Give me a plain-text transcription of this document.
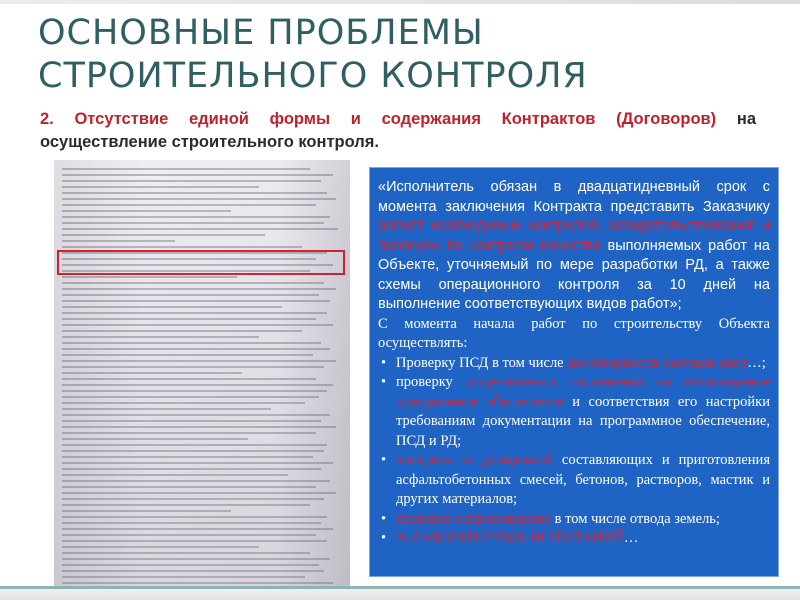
ОСНОВНЫЕ ПРОБЛЕМЫ СТРОИТЕЛЬНОГО КОНТРОЛЯ
2. Отсутствие единой формы и содержания Контрактов (Договоров) на осуществление строительного контроля.
«Исполнитель обязан в двадцатидневный срок с момента заключения Контракта представить Заказчику расчёт необходимых контролей, освидетельствований и проверок по контролю качества выполняемых работ на Объекте, уточняемый по мере разработки РД, а также схемы операционного контроля за 10 дней на выполнение соответствующих видов работ»;
С момента начала работ по строительству Объекта осуществлять:
• Проверку ПСД в том числе достоверности сметных смет…;
• проверку лицензионных соглашений на используемое программное обеспечение и соответствия его настройки требованиям документации на программное обеспечение, ПСД и РД;
• контроль за дозировкой составляющих и приготовления асфальтобетонных смесей, бетонов, растворов, мастик и других материалов;
• правовое сопровождение в том числе отвода земель;
• % ЛАБОРАТОРНЫХ ИСПЫТАНИЙ…
